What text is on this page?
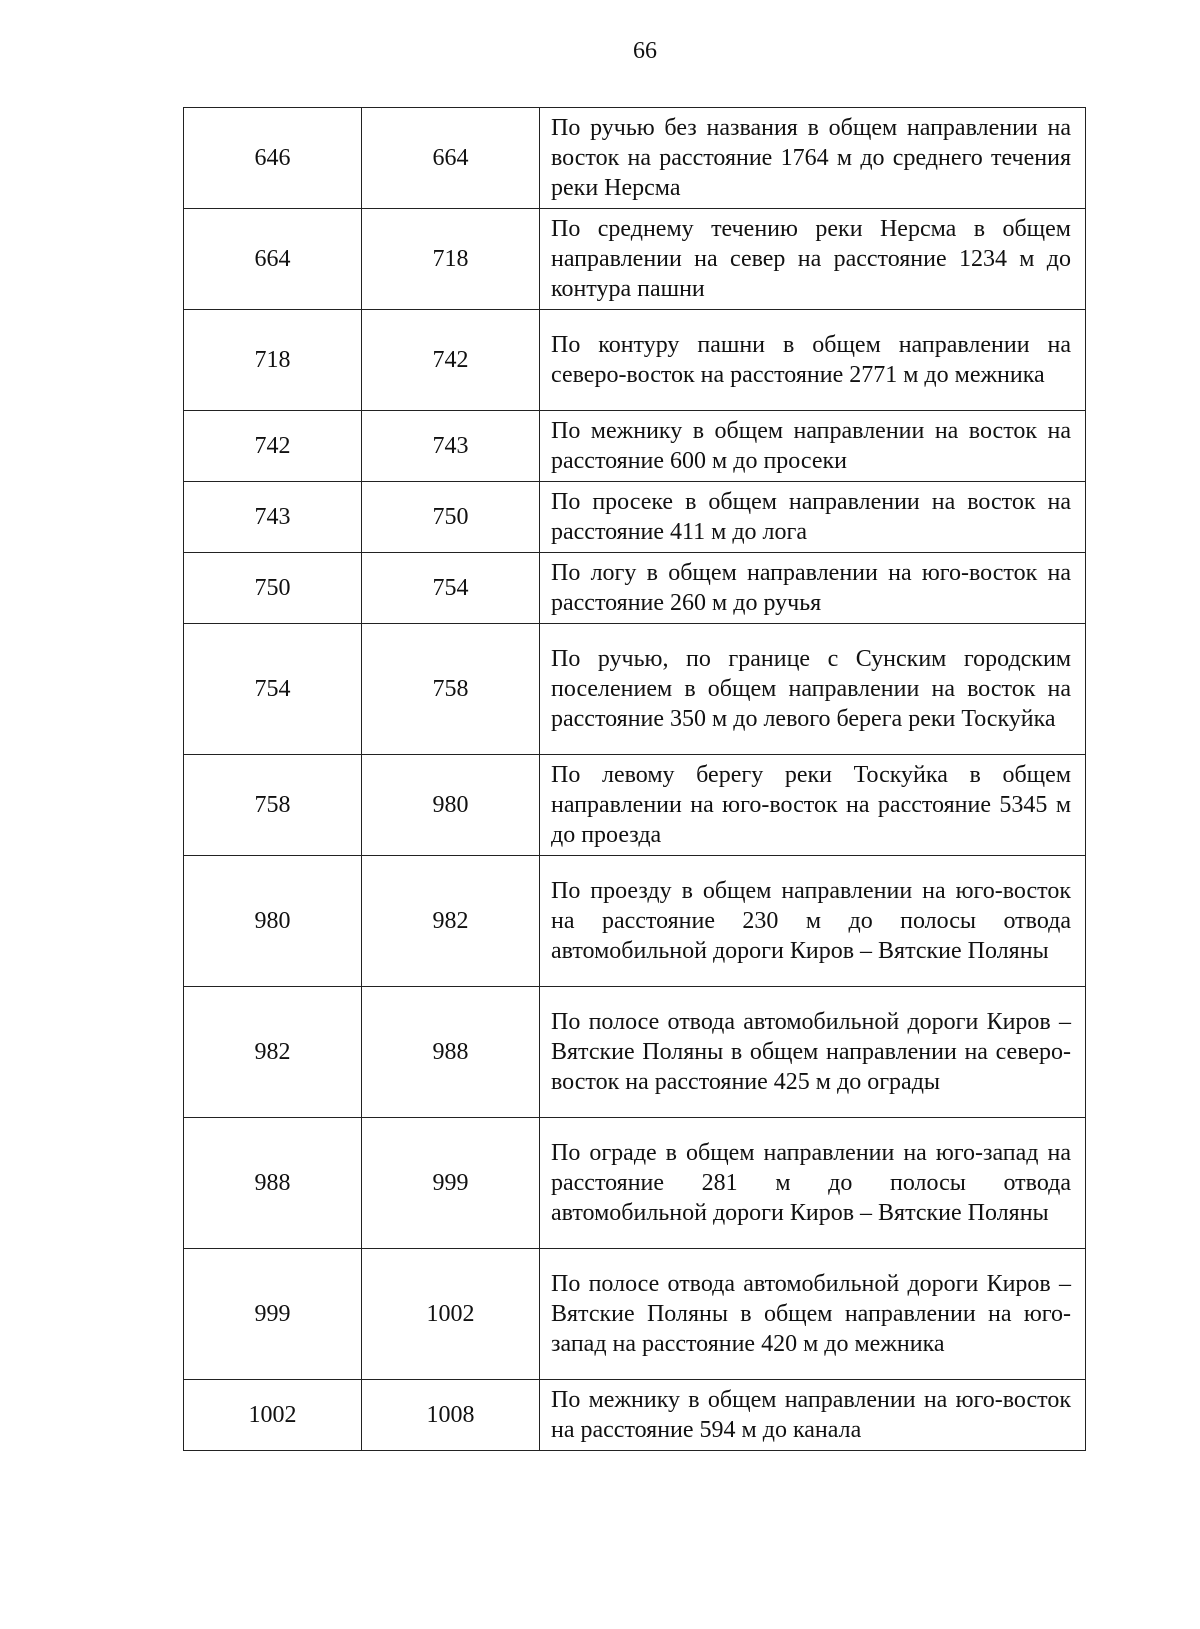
66
646	664	По ручью без названия в общем направлении на восток на расстояние 1764 м до среднего течения реки Нерсма
664	718	По среднему течению реки Нерсма в общем направлении на север на расстояние 1234 м до контура пашни
718	742	По контуру пашни в общем направлении на северо-восток на расстояние 2771 м до межника
742	743	По межнику в общем направлении на восток на расстояние 600 м до просеки
743	750	По просеке в общем направлении на восток на расстояние 411 м до лога
750	754	По логу в общем направлении на юго-восток на расстояние 260 м до ручья
754	758	По ручью, по границе с Сунским городским поселением в общем направлении на восток на расстояние 350 м до левого берега реки Тоскуйка
758	980	По левому берегу реки Тоскуйка в общем направлении на юго-восток на расстояние 5345 м до проезда
980	982	По проезду в общем направлении на юго-восток на расстояние 230 м до полосы отвода автомобильной дороги Киров – Вятские Поляны
982	988	По полосе отвода автомобильной дороги Киров – Вятские Поляны в общем направлении на северо-восток на расстояние 425 м до ограды
988	999	По ограде в общем направлении на юго-запад на расстояние 281 м до полосы отвода автомобильной дороги Киров – Вятские Поляны
999	1002	По полосе отвода автомобильной дороги Киров – Вятские Поляны в общем направлении на юго-запад на расстояние 420 м до межника
1002	1008	По межнику в общем направлении на юго-восток на расстояние 594 м до канала
